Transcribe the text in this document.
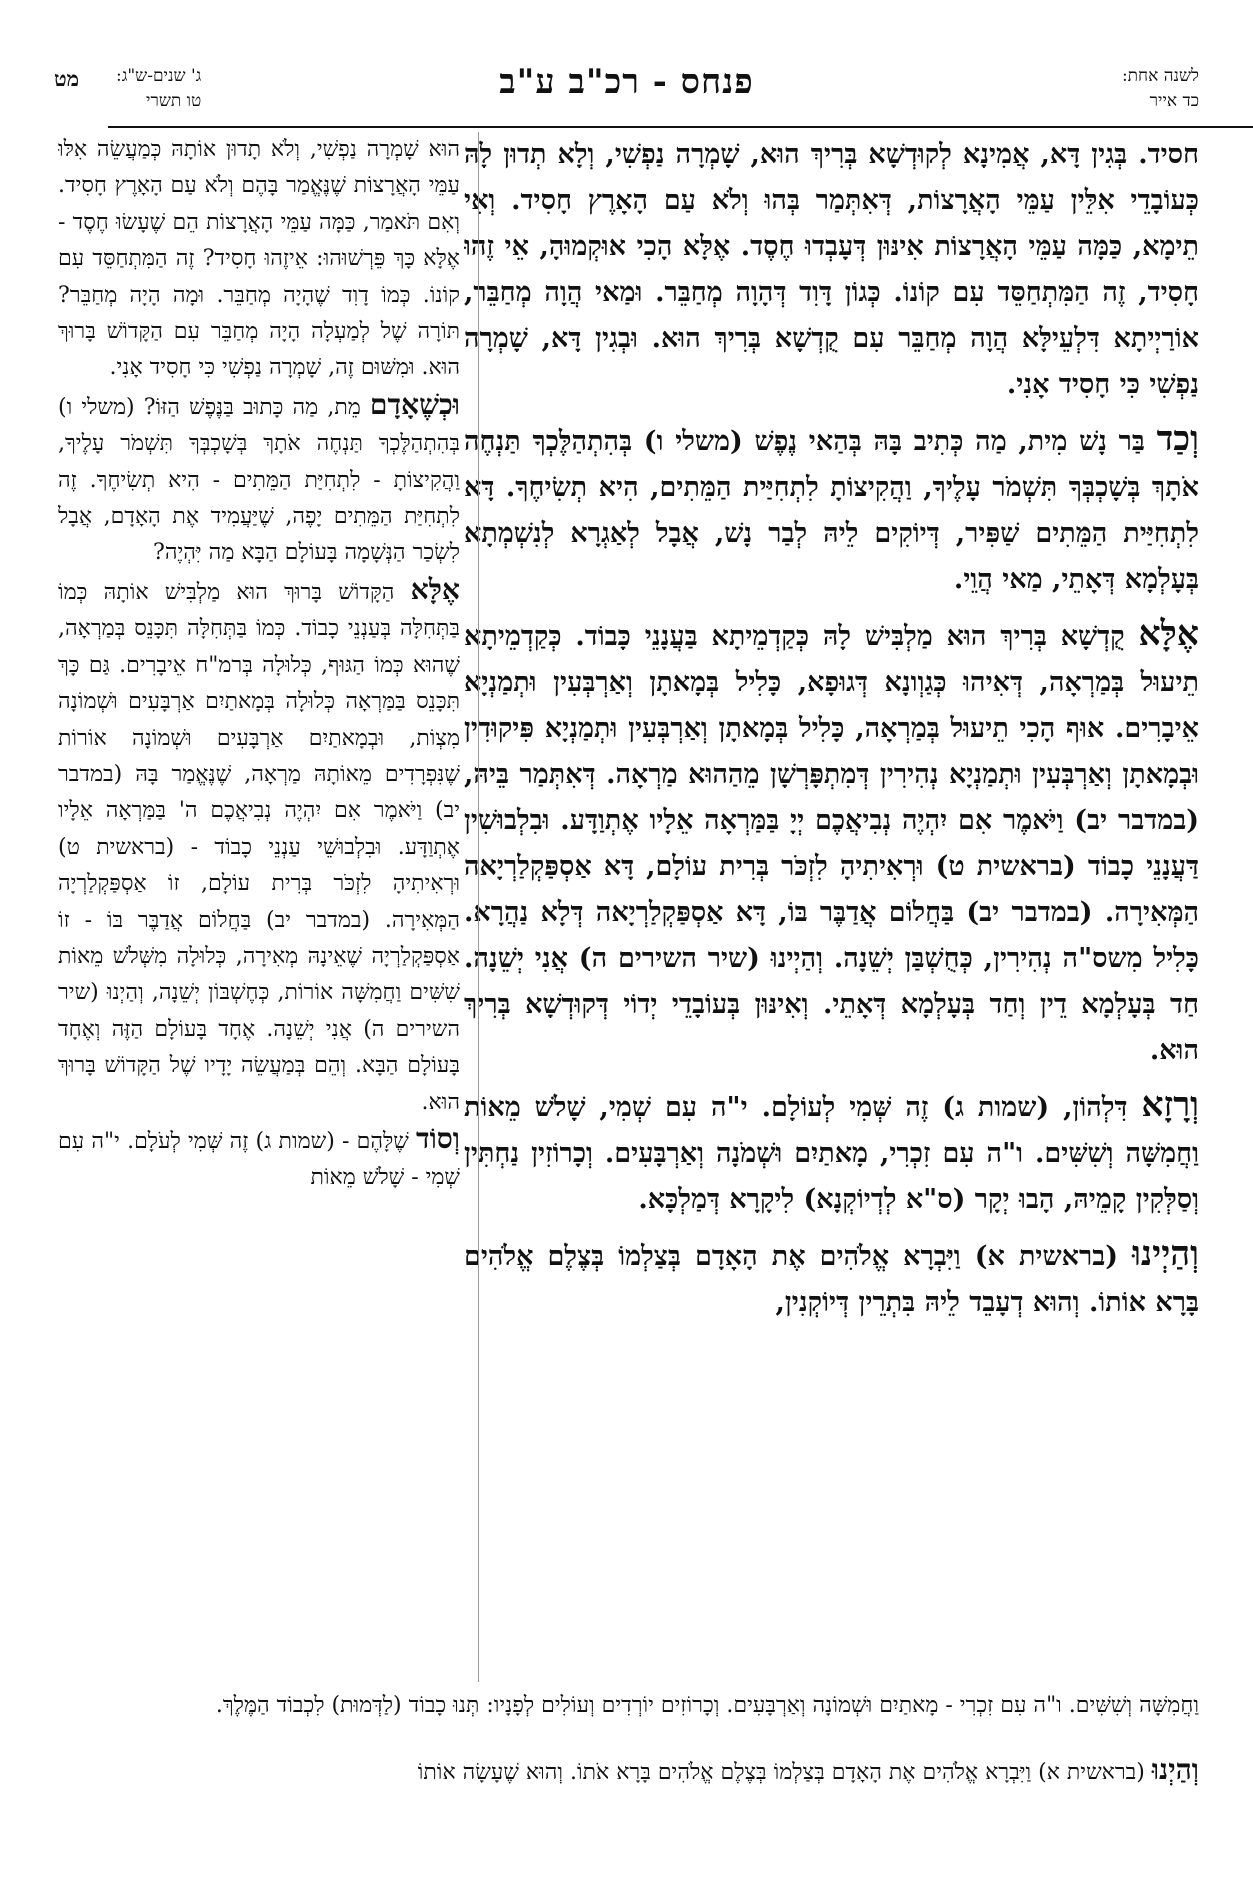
לשנה אחת:
כד אייר
פנחס - רכ"ב ע"ב
ג' שנים-ש"ג:
טו תשרי
מט

חסיד. בְּגִין דָּא, אֲמִינָא לְקוּדְשָׁא בְּרִיךְ הוּא, שָׁמְרָה נַפְשִׁי, וְלָא תְדוּן לָהּ כְּעוֹבָדֵי אִלֵּין עַמֵּי הָאֲרָצוֹת, דְּאִתְּמַר בְּהוּ וְלֹא עַם הָאָרֶץ חָסִיד. וְאִי תֵימָא, כַּמָּה עַמֵּי הָאֲרָצוֹת אִינּוּן דְּעָבְדוּ חֶסֶד. אֶלָּא הָכִי אוּקְמוּהָ, אֵי זֶהוּ חָסִיד, זֶה הַמִּתְחַסֵּד עִם קוֹנוֹ. כְּגוֹן דָּוִד דְּהָוָה מְחַבֵּר. וּמַאי הֲוָה מְחַבֵּר, אוֹרַיְיתָא דִּלְעֵילָּא הֲוָה מְחַבֵּר עִם קֻדְשָׁא בְּרִיךְ הוּא. וּבְגִין דָּא, שָׁמְרָה נַפְשִׁי כִּי חָסִיד אָנִי.

וְכַד בַּר נָשׁ מִית, מַה כְּתִיב בָּהּ בְּהַאי נֶפֶשׁ (משלי ו) בְּהִתְהַלֶּכְךָ תַּנְחֶה אֹתָךְ בְּשָׁכְבְּךָ תִּשְׁמֹר עָלֶיךָ, וַהֲקִיצוֹתָ לִתְחִיַּית הַמֵּתִים, הִיא תְשִׂיחֶךָ. דָּא לִתְחִיַּית הַמֵּתִים שַׁפִּיר, דְּיוֹקִים לֵיהּ לְבַר נָשׁ, אֲבָל לְאַגְרָא לְנִשְׁמְתָא בְּעָלְמָא דְּאָתֵי, מַאי הֲוֵי.

אֶלָּא קֻדְשָׁא בְּרִיךְ הוּא מַלְבִּישׁ לָהּ כְּקַדְמֵיתָא בַּעֲנָנֵי כָּבוֹד. כְּקַדְמֵיתָא תֵיעוּל בְּמַרְאָה, דְּאִיהוּ כְּגַוְונָא דְּגוּפָא, כָּלִיל בְּמָאתָן וְאַרְבְּעִין וּתְמַנְיָא אֵיבָרִים. אוּף הָכִי תֵיעוּל בְּמַרְאָה, כָּלִיל בְּמָאתָן וְאַרְבְּעִין וּתְמַנְיָא פִּיקוּדִין וּבְמָאתָן וְאַרְבְּעִין וּתְמַנְיָא נְהִירִין דְּמִתְפָּרְשָׁן מֵהַהוּא מַרְאָה. דְּאִתְּמַר בֵּיהּ, (במדבר יב) וַיֹּאמֶר אִם יִהְיֶה נְבִיאֲכֶם יְיָ בַּמַּרְאָה אֵלָיו אֶתְוַדָּע. וּבִלְבוּשִׁין דַּעֲנָנֵי כָבוֹד (בראשית ט) וּרְאִיתִיהָ לִזְכֹּר בְּרִית עוֹלָם, דָּא אַסְפַּקְלַרְיָאה הַמְּאִירָה. (במדבר יב) בַּחֲלוֹם אֲדַבֶּר בּוֹ, דָּא אַסְפַּקְלַרְיָאה דְּלָא נַהֲרָא. כָּלִיל מִשס"ה נְהִירִין, כְּחֻשְׁבַּן יְשֵׁנָה. וְהַיְינוּ (שיר השירים ה) אֲנִי יְשֵׁנָה. חַד בְּעָלְמָא דֵין וְחַד בְּעָלְמָא דְּאָתֵי. וְאִינּוּן בְּעוֹבָדֵי יְדוֹי דְּקוּדְשָׁא בְּרִיךְ הוּא.

וְרָזָא דִּלְהוֹן, (שמות ג) זֶה שְּׁמִי לְעוֹלָם. י"ה עִם שְׁמִי, שָׁלֹשׁ מֵאוֹת וַחֲמִשָּׁה וְשִׁשִּׁים. ו"ה עִם זִכְרִי, מָאתַיִם וּשְׁמֹנָה וְאַרְבָּעִים. וְכָרוֹזִין נַחְתִּין וְסַלְּקִין קָמֵיהּ, הָבוּ יְקָר (ס"א לְדְיוֹקְנָא) לִיקָרָא דְּמַלְכָּא.

וְהַיְינוּ (בראשית א) וַיִּבְרָא אֱלֹהִים אֶת הָאָדָם בְּצַלְמוֹ בְּצֶלֶם אֱלֹהִים בָּרָא אוֹתוֹ. וְהוּא דְעָבֵד לֵיהּ בִּתְרֵין דְּיוֹקְנִין,

הוּא שָׁמְרָה נַפְשִׁי, וְלֹא תָדוּן אוֹתָהּ כְּמַעֲשֵׂה אִלּוּ עַמֵּי הָאֲרָצוֹת שֶׁנֶּאֱמַר בָּהֶם וְלֹא עַם הָאָרֶץ חָסִיד. וְאִם תֹּאמַר, כַּמָּה עַמֵּי הָאֲרָצוֹת הֵם שֶׁעָשׂוּ חֶסֶד - אֶלָּא כָּךְ פֵּרְשׁוּהוּ: אֵיזֶהוּ חָסִיד? זֶה הַמִּתְחַסֵּד עִם קוֹנוֹ. כְּמוֹ דָוִד שֶׁהָיָה מְחַבֵּר. וּמָה הָיָה מְחַבֵּר? תּוֹרָה שֶׁל לְמַעְלָה הָיָה מְחַבֵּר עִם הַקָּדוֹשׁ בָּרוּךְ הוּא. וּמִשּׁוּם זֶה, שָׁמְרָה נַפְשִׁי כִּי חָסִיד אָנִי.

וּכְשֶׁאָדָם מֵת, מַה כָּתוּב בַּנֶּפֶשׁ הַזּוֹ? (משלי ו) בְּהִתְהַלֶּכְךָ תַּנְחֶה אֹתָךְ בְּשָׁכְבְּךָ תִּשְׁמֹר עָלֶיךָ, וַהֲקִיצוֹתָ - לִתְחִיַּת הַמֵּתִים - הִיא תְשִׂיחֶךָ. זֶה לִתְחִיַּת הַמֵּתִים יָפֶה, שֶׁיַּעֲמִיד אֶת הָאָדָם, אֲבָל לִשְׂכַר הַנְּשָׁמָה בָּעוֹלָם הַבָּא מַה יִּהְיֶה?

אֶלָּא הַקָּדוֹשׁ בָּרוּךְ הוּא מַלְבִּישׁ אוֹתָהּ כְּמוֹ בַּתְּחִלָּה בְּעַנְנֵי כָבוֹד. כְּמוֹ בַּתְּחִלָּה תִּכָּנֵס בְּמַרְאָה, שֶׁהוּא כְּמוֹ הַגּוּף, כְּלוּלָה בְּרמ"ח אֵיבָרִים. גַּם כָּךְ תִּכָּנֵס בַּמַּרְאָה כְּלוּלָה בְּמָאתַיִם אַרְבָּעִים וּשְׁמוֹנָה מִצְוֹת, וּבְמָאתַיִם אַרְבָּעִים וּשְׁמוֹנָה אוֹרוֹת שֶׁנִּפְרָדִים מֵאוֹתָהּ מַרְאָה, שֶׁנֶּאֱמַר בָּהּ (במדבר יב) וַיֹּאמֶר אִם יִהְיֶה נְבִיאֲכֶם ה' בַּמַּרְאָה אֵלָיו אֶתְוַדָּע. וּבִלְבוּשֵׁי עַנְנֵי כָבוֹד - (בראשית ט) וּרְאִיתִיהָ לִזְכֹּר בְּרִית עוֹלָם, זוֹ אַסְפַּקְלַרְיָה הַמְּאִירָה. (במדבר יב) בַּחֲלוֹם אֲדַבֶּר בּוֹ - זוֹ אַסְפַּקְלַרְיָה שֶׁאֵינָהּ מְאִירָה, כְּלוּלָה מִשְּׁלֹשׁ מֵאוֹת שִׁשִּׁים וַחֲמִשָּׁה אוֹרוֹת, כְּחֶשְׁבּוֹן יְשֵׁנָה, וְהַיְנוּ (שיר השירים ה) אֲנִי יְשֵׁנָה. אֶחָד בָּעוֹלָם הַזֶּה וְאֶחָד בָּעוֹלָם הַבָּא. וְהֵם בְּמַעֲשֵׂה יָדָיו שֶׁל הַקָּדוֹשׁ בָּרוּךְ הוּא.

וְסוֹד שֶׁלָּהֶם - (שמות ג) זֶה שְּׁמִי לְעֹלָם. י"ה עִם שְׁמִי - שָׁלֹשׁ מֵאוֹת

וַחֲמִשָּׁה וְשִׁשִּׁים. ו"ה עִם זִכְרִי - מָאתַיִם וּשְׁמוֹנָה וְאַרְבָּעִים. וְכָרוֹזִים יוֹרְדִים וְעוֹלִים לְפָנָיו: תְּנוּ כָבוֹד (לַדְּמוּת) לִכְבוֹד הַמֶּלֶךְ.
וְהַיְנוּ (בראשית א) וַיִּבְרָא אֱלֹהִים אֶת הָאָדָם בְּצַלְמוֹ בְּצֶלֶם אֱלֹהִים בָּרָא אֹתוֹ. וְהוּא שֶׁעָשָׂה אוֹתוֹ
